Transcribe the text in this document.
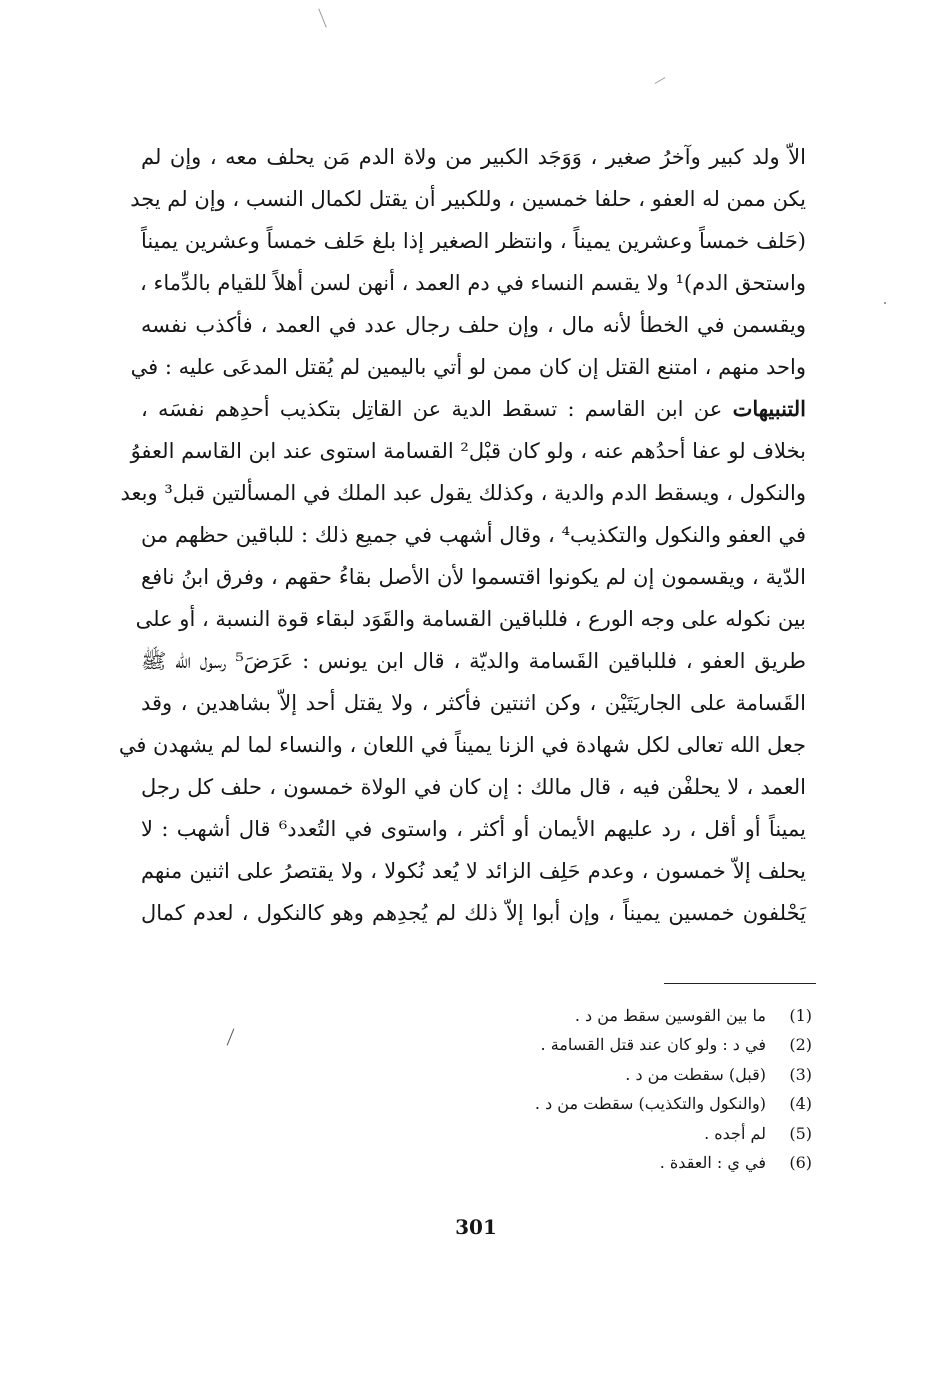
الاّ ولد كبير وآخرُ صغير ، وَوَجَد الكبير من ولاة الدم مَن يحلف معه ، وإن لم
يكن ممن له العفو ، حلفا خمسين ، وللكبير أن يقتل لكمال النسب ، وإن لم يجد
(حَلف خمساً وعشرين يميناً ، وانتظر الصغير إذا بلغ حَلف خمساً وعشرين يميناً
واستحق الدم)¹ ولا يقسم النساء في دم العمد ، أنهن لسن أهلاً للقيام بالدِّماء ،
ويقسمن في الخطأ لأنه مال ، وإن حلف رجال عدد في العمد ، فأكذب نفسه
واحد منهم ، امتنع القتل إن كان ممن لو أتي باليمين لم يُقتل المدعَى عليه : في
التنبيهات عن ابن القاسم : تسقط الدية عن القاتِل بتكذيب أحدِهم نفسَه ،
بخلاف لو عفا أحدُهم عنه ، ولو كان قبْل² القسامة استوى عند ابن القاسم العفوُ
والنكول ، ويسقط الدم والدية ، وكذلك يقول عبد الملك في المسألتين قبل³ وبعد
في العفو والنكول والتكذيب⁴ ، وقال أشهب في جميع ذلك : للباقين حظهم من
الدّية ، ويقسمون إن لم يكونوا اقتسموا لأن الأصل بقاءُ حقهم ، وفرق ابنُ نافع
بين نكوله على وجه الورع ، فللباقين القسامة والقَوَد لبقاء قوة النسبة ، أو على
طريق العفو ، فللباقين القَسامة والديّة ، قال ابن يونس : عَرَضَ⁵ رسول الله ﷺ
القَسامة على الجاريَتَيْن ، وكن اثنتين فأكثر ، ولا يقتل أحد إلاّ بشاهدين ، وقد
جعل الله تعالى لكل شهادة في الزنا يميناً في اللعان ، والنساء لما لم يشهدن في
العمد ، لا يحلفْن فيه ، قال مالك : إن كان في الولاة خمسون ، حلف كل رجل
يميناً أو أقل ، رد عليهم الأيمان أو أكثر ، واستوى في التُعدد⁶ قال أشهب : لا
يحلف إلاّ خمسون ، وعدم حَلِف الزائد لا يُعد نُكولا ، ولا يقتصرُ على اثنين منهم
يَحْلفون خمسين يميناً ، وإن أبوا إلاّ ذلك لم يُجدِهم وهو كالنكول ، لعدم كمال
(1)ما بين القوسين سقط من د .
(2)في د : ولو كان عند قتل القسامة .
(3)(قبل) سقطت من د .
(4)(والنكول والتكذيب) سقطت من د .
(5)لم أجده .
(6)في ي : العقدة .
301
